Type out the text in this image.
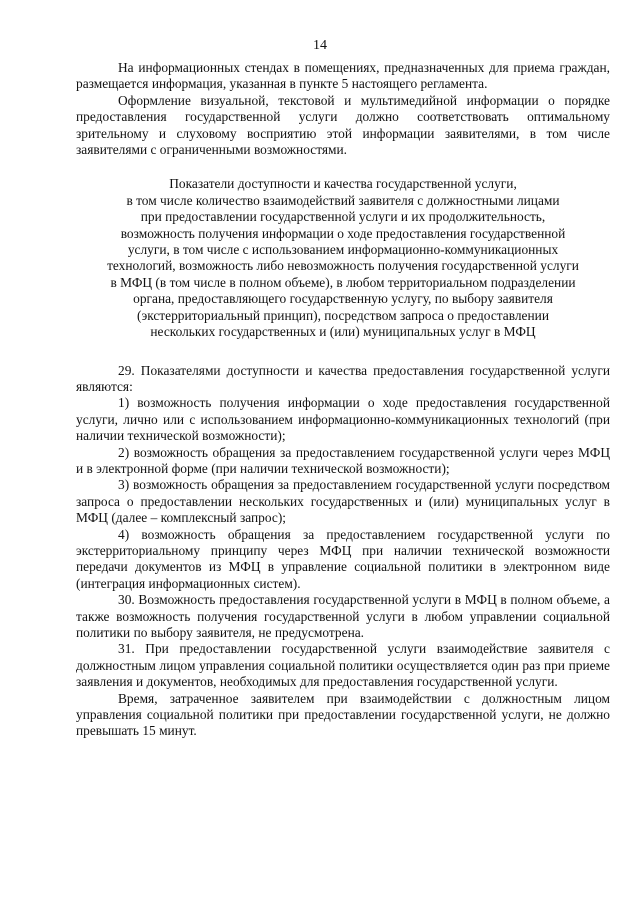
14

На информационных стендах в помещениях, предназначенных для приема граждан, размещается информация, указанная в пункте 5 настоящего регламента.

Оформление визуальной, текстовой и мультимедийной информации о порядке предоставления государственной услуги должно соответствовать оптимальному зрительному и слуховому восприятию этой информации заявителями, в том числе заявителями с ограниченными возможностями.

Показатели доступности и качества государственной услуги,
в том числе количество взаимодействий заявителя с должностными лицами
при предоставлении государственной услуги и их продолжительность,
возможность получения информации о ходе предоставления государственной
услуги, в том числе с использованием информационно-коммуникационных
технологий, возможность либо невозможность получения государственной услуги
в МФЦ (в том числе в полном объеме), в любом территориальном подразделении
органа, предоставляющего государственную услугу, по выбору заявителя
(экстерриториальный принцип), посредством запроса о предоставлении
нескольких государственных и (или) муниципальных услуг в МФЦ

29. Показателями доступности и качества предоставления государственной услуги являются:

1) возможность получения информации о ходе предоставления государственной услуги, лично или с использованием информационно-коммуникационных технологий (при наличии технической возможности);

2) возможность обращения за предоставлением государственной услуги через МФЦ и в электронной форме (при наличии технической возможности);

3) возможность обращения за предоставлением государственной услуги посредством запроса о предоставлении нескольких государственных и (или) муниципальных услуг в МФЦ (далее – комплексный запрос);

4) возможность обращения за предоставлением государственной услуги по экстерриториальному принципу через МФЦ при наличии технической возможности передачи документов из МФЦ в управление социальной политики в электронном виде (интеграция информационных систем).

30. Возможность предоставления государственной услуги в МФЦ в полном объеме, а также возможность получения государственной услуги в любом управлении социальной политики по выбору заявителя, не предусмотрена.

31. При предоставлении государственной услуги взаимодействие заявителя с должностным лицом управления социальной политики осуществляется один раз при приеме заявления и документов, необходимых для предоставления государственной услуги.

Время, затраченное заявителем при взаимодействии с должностным лицом управления социальной политики при предоставлении государственной услуги, не должно превышать 15 минут.
